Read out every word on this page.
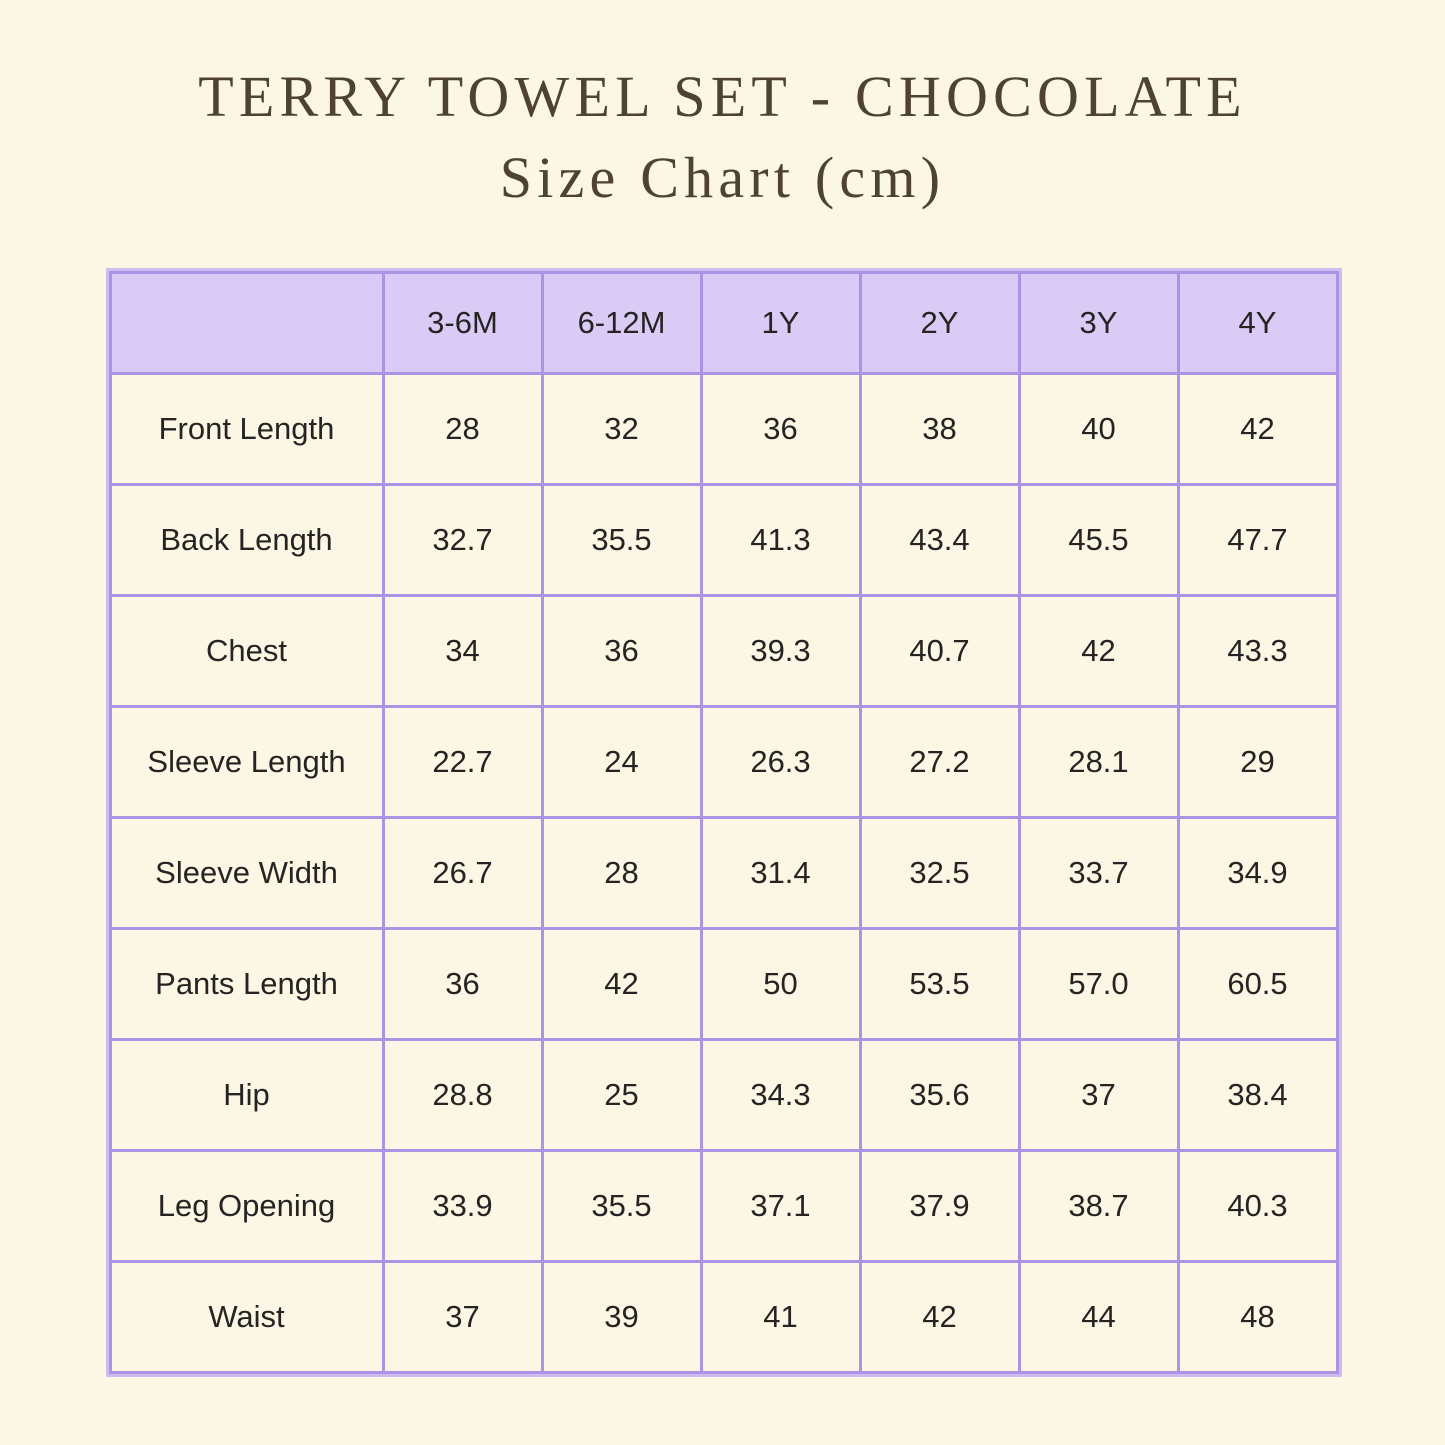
TERRY TOWEL SET - CHOCOLATE
Size Chart (cm)
	3-6M	6-12M	1Y	2Y	3Y	4Y
Front Length	28	32	36	38	40	42
Back Length	32.7	35.5	41.3	43.4	45.5	47.7
Chest	34	36	39.3	40.7	42	43.3
Sleeve Length	22.7	24	26.3	27.2	28.1	29
Sleeve Width	26.7	28	31.4	32.5	33.7	34.9
Pants Length	36	42	50	53.5	57.0	60.5
Hip	28.8	25	34.3	35.6	37	38.4
Leg Opening	33.9	35.5	37.1	37.9	38.7	40.3
Waist	37	39	41	42	44	48
